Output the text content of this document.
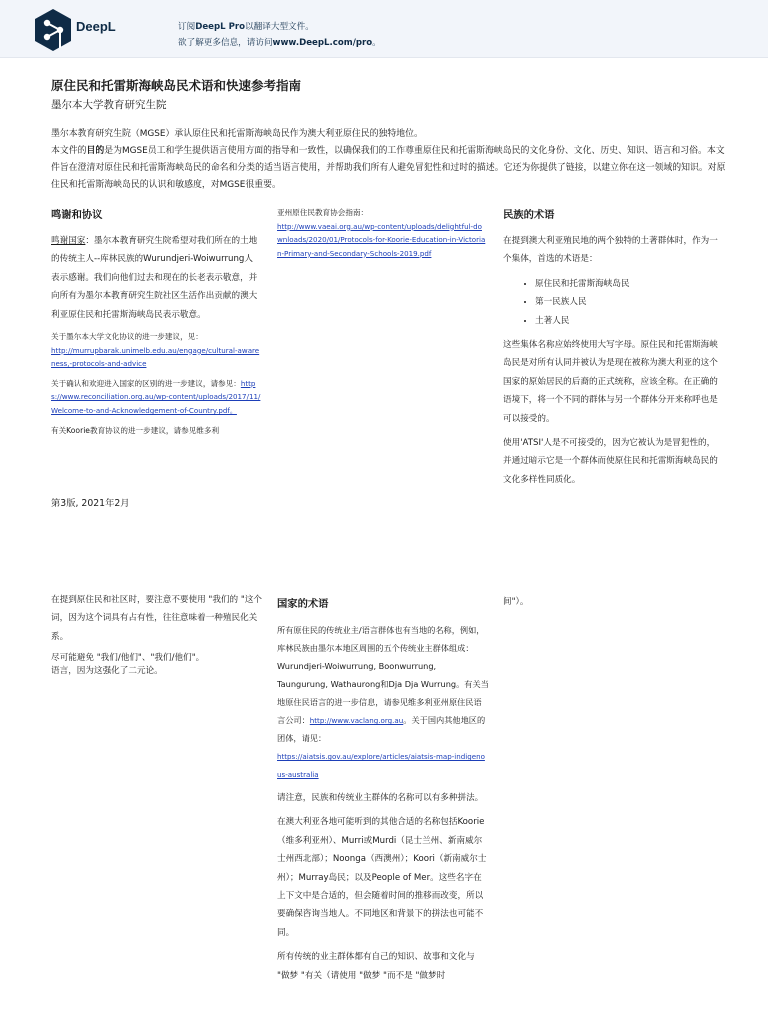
DeepL	订阅DeepL Pro以翻译大型文件。
欲了解更多信息，请访问www.DeepL.com/pro。
原住民和托雷斯海峡岛民术语和快速参考指南
墨尔本大学教育研究生院

墨尔本教育研究生院（MGSE）承认原住民和托雷斯海峡岛民作为澳大利亚原住民的独特地位。

本文件的目的是为MGSE员工和学生提供语言使用方面的指导和一致性，以确保我们的工作尊重原住民和托雷斯海峡岛民的文化身份、文化、历史、知识、语言和习俗。本文件旨在澄清对原住民和托雷斯海峡岛民的命名和分类的适当语言使用，并帮助我们所有人避免冒犯性和过时的描述。它还为你提供了链接，以建立你在这一领域的知识。对原住民和托雷斯海峡岛民的认识和敏感度，对MGSE很重要。

鸣谢和协议

鸣谢国家：墨尔本教育研究生院希望对我们所在的土地的传统主人--库林民族的Wurundjeri-Woiwurrung人表示感谢。我们向他们过去和现在的长老表示敬意，并向所有为墨尔本教育研究生院社区生活作出贡献的澳大利亚原住民和托雷斯海峡岛民表示敬意。

关于墨尔本大学文化协议的进一步建议，见：
http://murrupbarak.unimelb.edu.au/engage/cultural-awareness,-protocols-and-advice

关于确认和欢迎进入国家的区别的进一步建议，请参见：https://www.reconciliation.org.au/wp-content/uploads/2017/11/Welcome-to-and-Acknowledgement-of-Country.pdf。

有关Koorie教育协议的进一步建议，请参见维多利

亚州原住民教育协会指南：
http://www.vaeai.org.au/wp-content/uploads/delightful-downloads/2020/01/Protocols-for-Koorie-Education-in-Victorian-Primary-and-Secondary-Schools-2019.pdf

民族的术语

在提到澳大利亚殖民地的两个独特的土著群体时，作为一个集体，首选的术语是：

• 原住民和托雷斯海峡岛民
• 第一民族人民
• 土著人民

这些集体名称应始终使用大写字母。原住民和托雷斯海峡岛民是对所有认同并被认为是现在被称为澳大利亚的这个国家的原始居民的后裔的正式统称，应该全称。在正确的语境下，将一个不同的群体与另一个群体分开来称呼也是可以接受的。

使用'ATSI'人是不可接受的，因为它被认为是冒犯性的，并通过暗示它是一个群体而使原住民和托雷斯海峡岛民的文化多样性同质化。

第3版, 2021年2月

在提到原住民和社区时，要注意不要使用 "我们的 "这个词，因为这个词具有占有性，往往意味着一种殖民化关系。

尽可能避免 "我们/他们"、"我们/他们"。
语言，因为这强化了二元论。

国家的术语

所有原住民的传统业主/语言群体也有当地的名称，例如，库林民族由墨尔本地区周围的五个传统业主群体组成：Wurundjeri-Woiwurrung, Boonwurrung, Taungurung, Wathaurong和Dja Dja Wurrung。有关当地原住民语言的进一步信息，请参见维多利亚州原住民语言公司：http://www.vaclang.org.au。关于国内其他地区的团体，请见：
https://aiatsis.gov.au/explore/articles/aiatsis-map-indigenous-australia

请注意，民族和传统业主群体的名称可以有多种拼法。

在澳大利亚各地可能听到的其他合适的名称包括Koorie（维多利亚州）、Murri或Murdi（昆士兰州、新南威尔士州西北部）；Noonga（西澳州）；Koori（新南威尔士州）；Murray岛民；以及People of Mer。这些名字在上下文中是合适的，但会随着时间的推移而改变，所以要确保咨询当地人。不同地区和背景下的拼法也可能不同。

所有传统的业主群体都有自己的知识、故事和文化与 "做梦 "有关（请使用 "做梦 "而不是 "做梦时

间"）。
